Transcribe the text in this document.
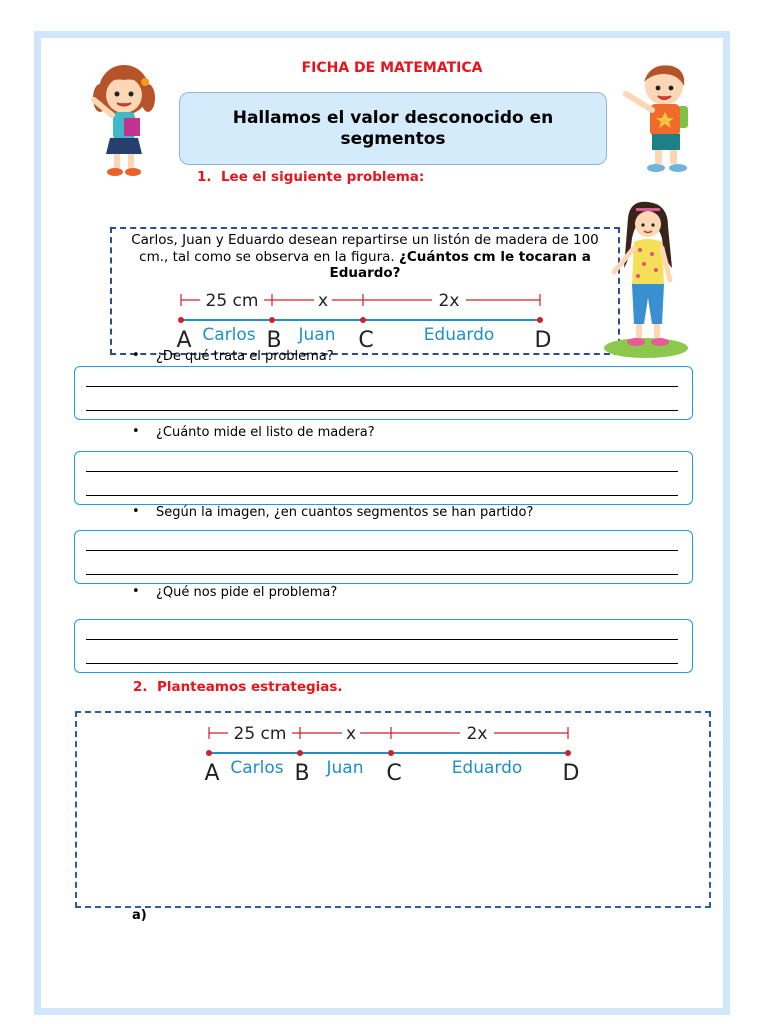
FICHA DE MATEMATICA
Hallamos el valor desconocido en segmentos
1. Lee el siguiente problema:
Carlos, Juan y Eduardo desean repartirse un listón de madera de 100 cm., tal como se observa en la figura. ¿Cuántos cm le tocaran a Eduardo?
25 cm	x	2x
A	B	C	D
Carlos	Juan	Eduardo
• ¿De qué trata el problema?
• ¿Cuánto mide el listo de madera?
• Según la imagen, ¿en cuantos segmentos se han partido?
• ¿Qué nos pide el problema?
2. Planteamos estrategias.
25 cm	x	2x
A	B	C	D
Carlos	Juan	Eduardo
a)
